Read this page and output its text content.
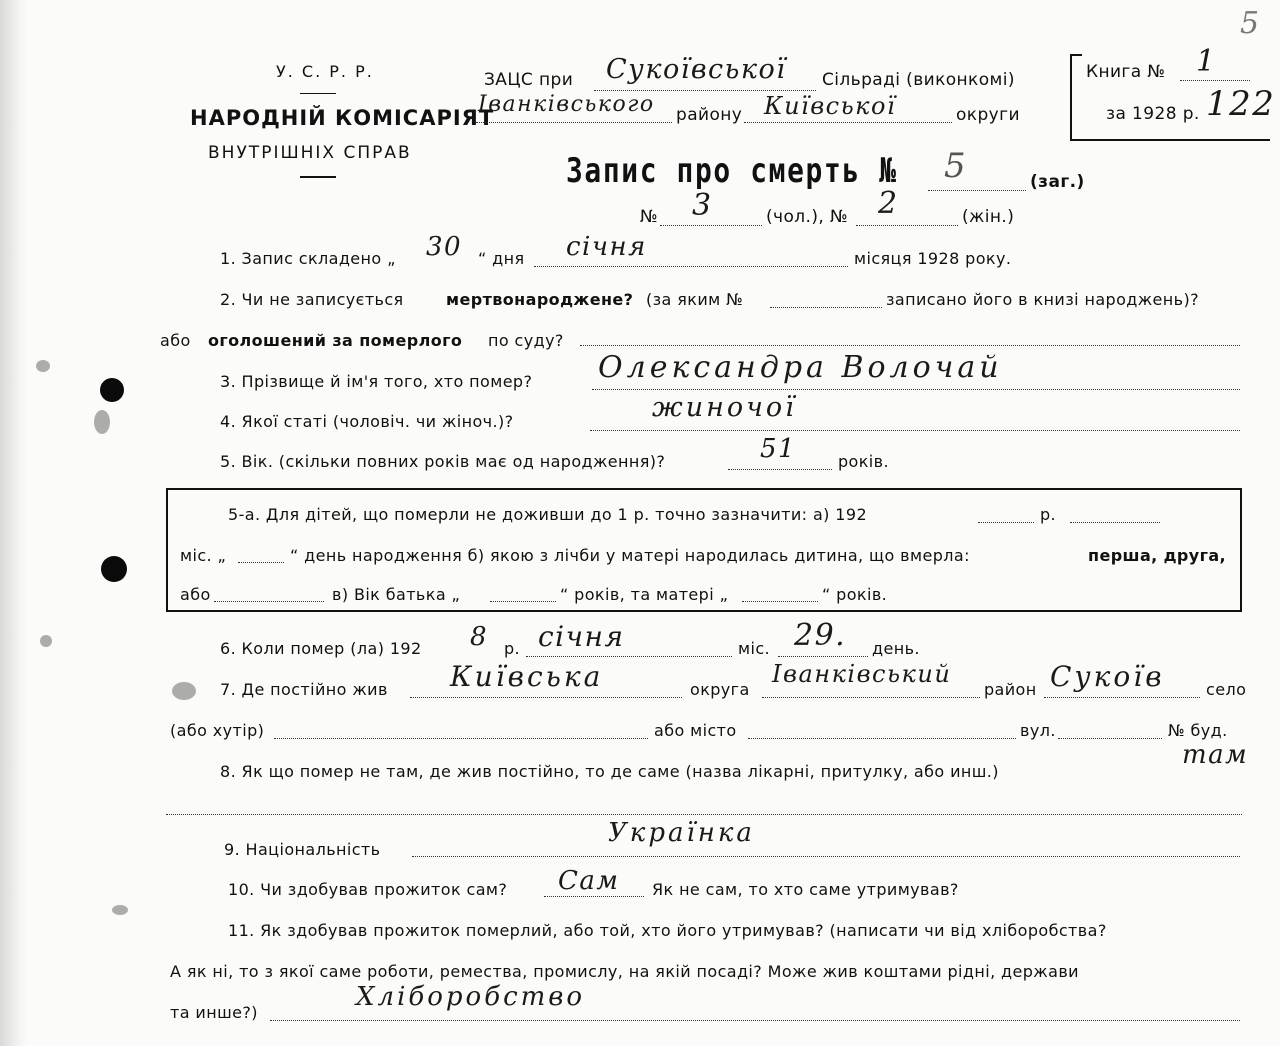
У. С. Р. Р.
НАРОДНІЙ КОМІСАРІЯТ
ВНУТРІШНІХ СПРАВ
ЗАЦС при Сукоївської Сільраді (виконкомі)
Іванківського району Київської	округи
Книга № 1
за 1928 р. 122
5
Запис про смерть № 5	(заг.)
№ 3	(чол.), № 2	(жін.)
1. Запис складено „ 30 “ дня січня	місяця 1928 року.
2. Чи не записується	мертвонароджене? (за яким №	записано його в книзі народжень)?
або оголошений за померлого по суду?
3. Прізвище й ім'я того, хто помер? Олександра Волочай
4. Якої статі (чоловіч. чи жіноч.)?	жиночої
5. Вік. (скільки повних років має од народження)?	51	років.
5-а. Для дітей, що померли не доживши до 1 р. точно зазначити: а) 192	р.
міс. „	“ день народження б) якою з лічби у матері народилась дитина, що вмерла:	перша, друга,
або	в) Вік батька „	“ років, та матері „	“ років.
6. Коли помер (ла) 192 8 р. січня	міс. 29. день.
7. Де постійно жив Київська	округа
Іванківський
район Сукоїв	село
(або хутір)	або місто	вул.	№ буд.
8. Як що помер не там, де жив постійно, то де саме (назва лікарні, притулку, або инш.)
там
9. Національність
Українка
10. Чи здобував прожиток сам? Сам Як не сам, то хто саме утримував?
11. Як здобував прожиток померлий, або той, хто його утримував? (написати чи від хліборобства?
А як ні, то з якої саме роботи, ремества, промислу, на якій посаді? Може жив коштами рідні, держави
та инше?)
Хліборобство
